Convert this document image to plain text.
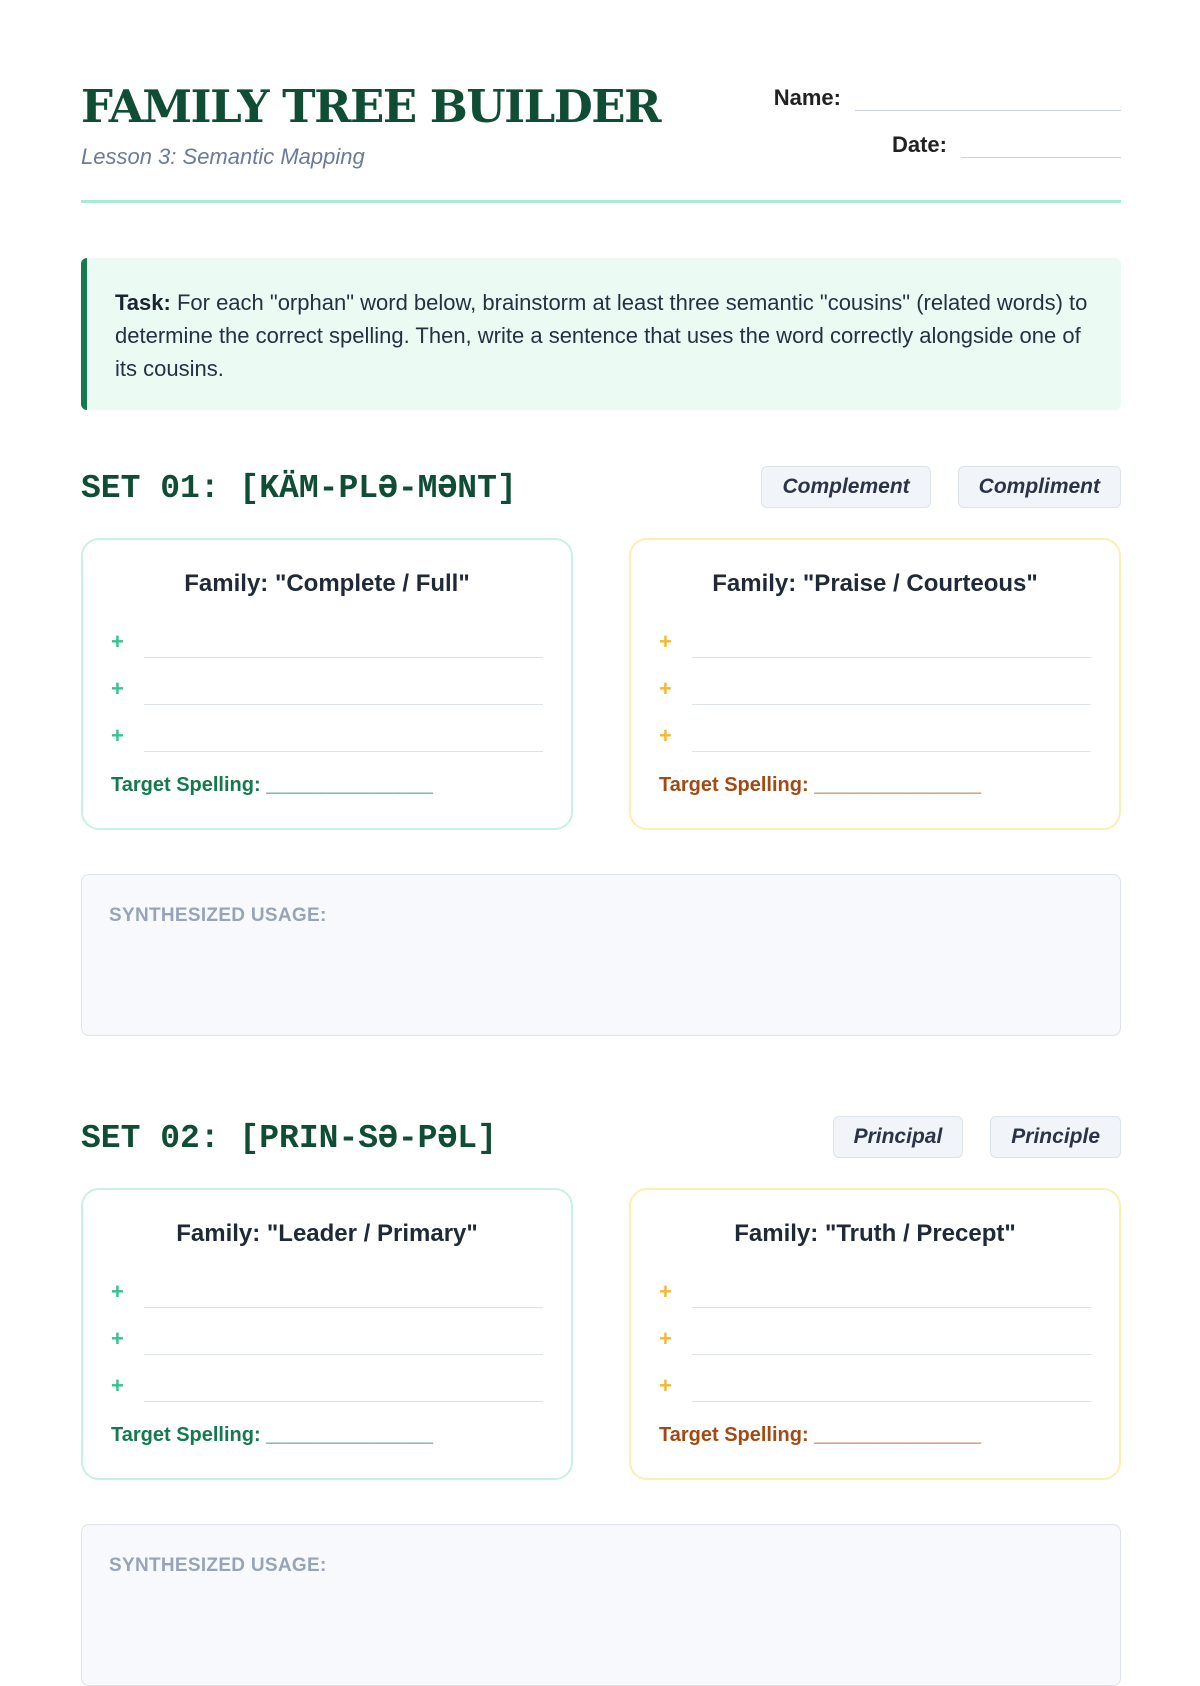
FAMILY TREE BUILDER
Lesson 3: Semantic Mapping
Name:
Date:
Task: For each "orphan" word below, brainstorm at least three semantic "cousins" (related words) to determine the correct spelling. Then, write a sentence that uses the word correctly alongside one of its cousins.
SET 01: [KÄM-PLƏ-MƏNT]	Complement	Compliment
Family: "Complete / Full"
+
+
+
Target Spelling: _______________
Family: "Praise / Courteous"
+
+
+
Target Spelling: _______________
SYNTHESIZED USAGE:
SET 02: [PRIN-SƏ-PƏL]	Principal	Principle
Family: "Leader / Primary"
+
+
+
Target Spelling: _______________
Family: "Truth / Precept"
+
+
+
Target Spelling: _______________
SYNTHESIZED USAGE:
